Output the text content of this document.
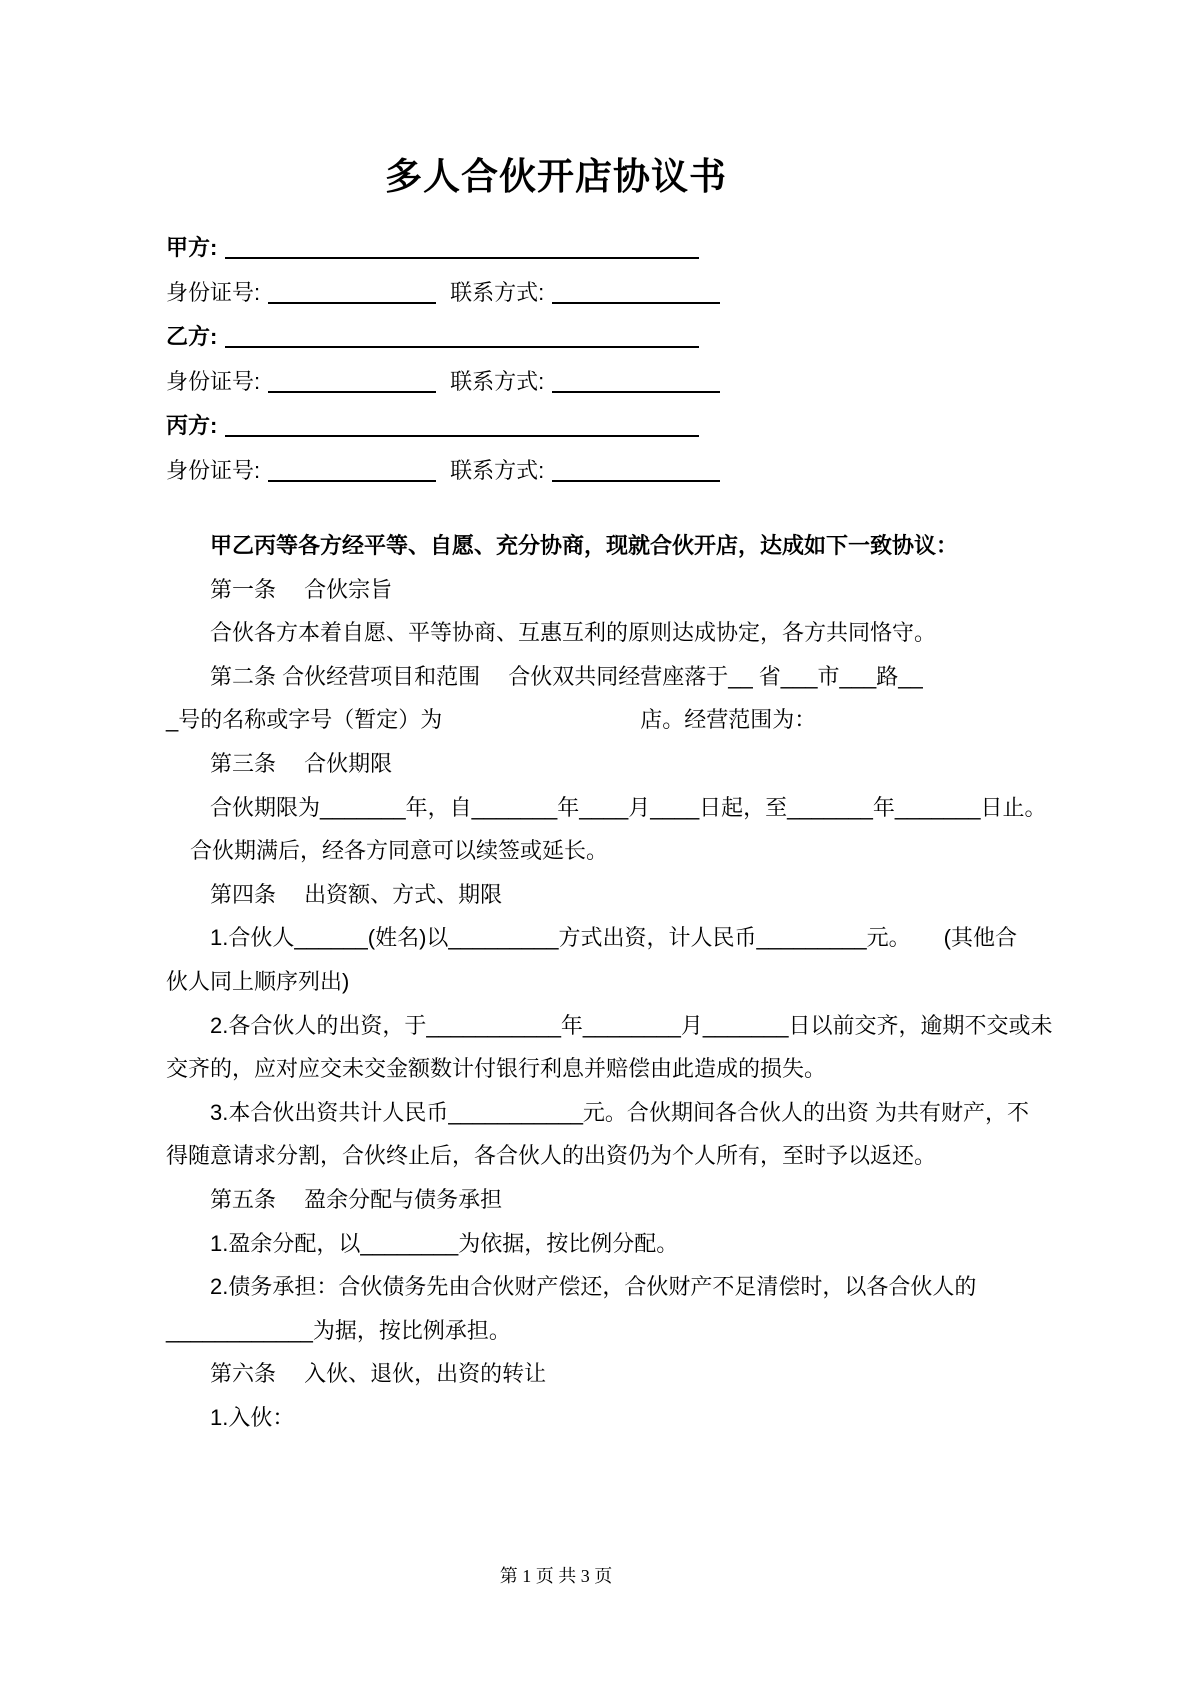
多人合伙开店协议书

甲方:

身份证号:	联系方式:

乙方:

身份证号:	联系方式:

丙方:

身份证号:	联系方式:

甲乙丙等各方经平等、自愿、充分协商，现就合伙开店，达成如下一致协议：

第一条　 合伙宗旨

合伙各方本着自愿、平等协商、互惠互利的原则达成协定，各方共同恪守。

第二条 合伙经营项目和范围　 合伙双共同经营座落于__ 省___市___路__

_号的名称或字号（暂定）为　　　　　　　　　店。经营范围为：

第三条　 合伙期限

合伙期限为_______年，自_______年____月____日起，至_______年_______日止。

合伙期满后，经各方同意可以续签或延长。

第四条　 出资额、方式、期限

1.合伙人______(姓名)以_________方式出资，计人民币_________元。　　(其他合

伙人同上顺序列出)

2.各合伙人的出资，于___________年________月_______日以前交齐，逾期不交或未

交齐的，应对应交未交金额数计付银行利息并赔偿由此造成的损失。

3.本合伙出资共计人民币___________元。合伙期间各合伙人的出资 为共有财产，不

得随意请求分割，合伙终止后，各合伙人的出资仍为个人所有，至时予以返还。

第五条　 盈余分配与债务承担

1.盈余分配，以________为依据，按比例分配。

2.债务承担：合伙债务先由合伙财产偿还，合伙财产不足清偿时，以各合伙人的

____________为据，按比例承担。

第六条　 入伙、退伙，出资的转让

1.入伙：

第 1 页 共 3 页
